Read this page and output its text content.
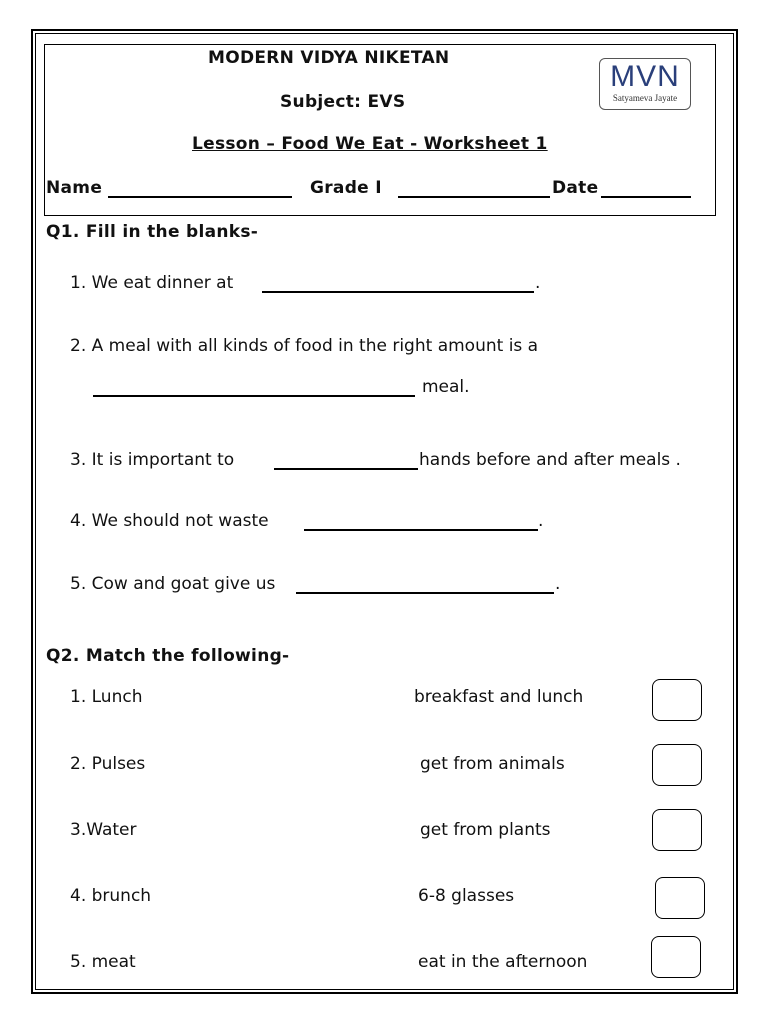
MODERN VIDYA NIKETAN
Subject: EVS
Lesson – Food We Eat - Worksheet 1
Name	Grade I	Date
MVN
Satyameva Jayate
Q1. Fill in the blanks-
1. We eat dinner at	.
2. A meal with all kinds of food in the right amount is a
meal.
3. It is important to	hands before and after meals .
4. We should not waste	.
5. Cow and goat give us	.
Q2. Match the following-
1. Lunch	breakfast and lunch
2. Pulses	get from animals
3.Water	get from plants
4. brunch	6-8 glasses
5. meat	eat in the afternoon
